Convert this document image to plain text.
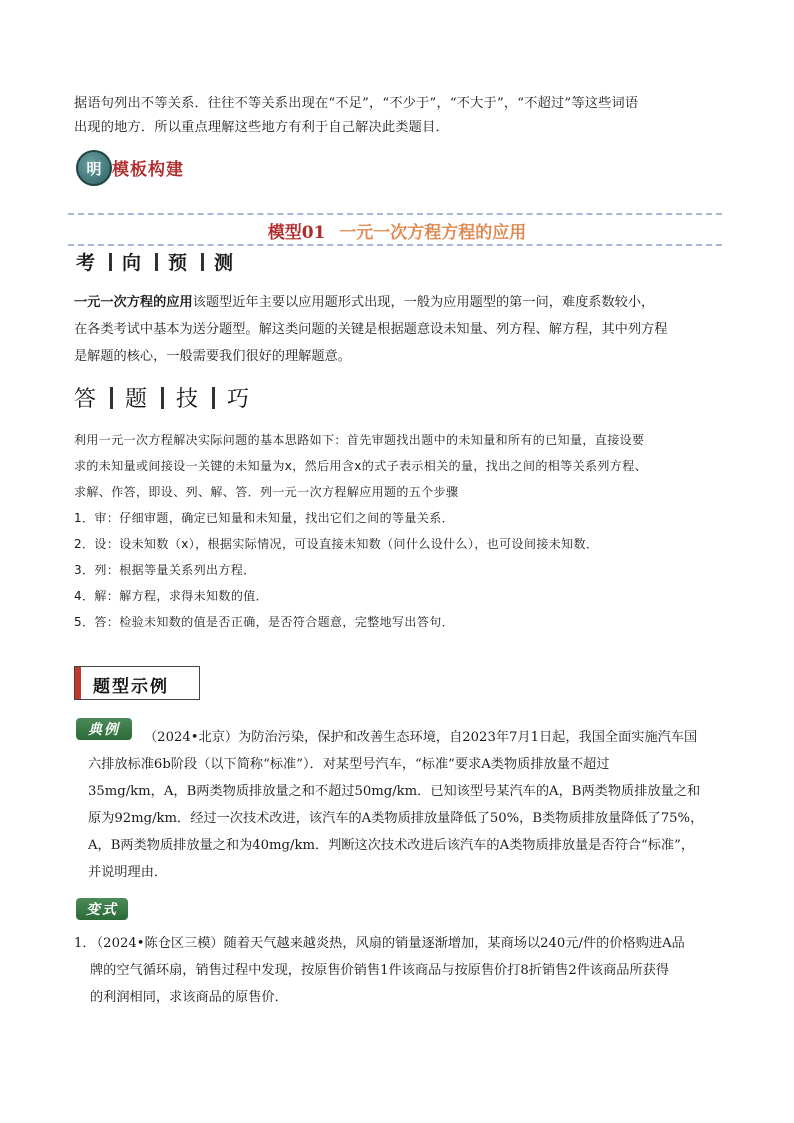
据语句列出不等关系．往往不等关系出现在“不足”，“不少于”，“不大于”，“不超过”等这些词语

出现的地方．所以重点理解这些地方有利于自己解决此类题目．

明 模板构建
模型01 一元一次方程方程的应用
考 向 预 测

一元一次方程的应用该题型近年主要以应用题形式出现，一般为应用题型的第一问，难度系数较小，

在各类考试中基本为送分题型。解这类问题的关键是根据题意设未知量、列方程、解方程，其中列方程

是解题的核心，一般需要我们很好的理解题意。

答 题 技 巧

利用一元一次方程解决实际问题的基本思路如下：首先审题找出题中的未知量和所有的已知量，直接设要

求的未知量或间接设一关键的未知量为x，然后用含x的式子表示相关的量，找出之间的相等关系列方程、

求解、作答，即设、列、解、答．列一元一次方程解应用题的五个步骤

1．审：仔细审题，确定已知量和未知量，找出它们之间的等量关系．

2．设：设未知数（x），根据实际情况，可设直接未知数（问什么设什么），也可设间接未知数．

3．列：根据等量关系列出方程．

4．解：解方程，求得未知数的值．

5．答：检验未知数的值是否正确，是否符合题意，完整地写出答句．

题型示例
典例	（2024•北京）为防治污染，保护和改善生态环境，自2023年7月1日起，我国全面实施汽车国

六排放标准6b阶段（以下简称“标准”）．对某型号汽车，“标准”要求A类物质排放量不超过

35mg/km，A，B两类物质排放量之和不超过50mg/km．已知该型号某汽车的A，B两类物质排放量之和

原为92mg/km．经过一次技术改进，该汽车的A类物质排放量降低了50%，B类物质排放量降低了75%，

A，B两类物质排放量之和为40mg/km．判断这次技术改进后该汽车的A类物质排放量是否符合“标准”，

并说明理由．

变式
1．

（2024•陈仓区三模）随着天气越来越炎热，风扇的销量逐渐增加，某商场以240元/件的价格购进A品

牌的空气循环扇，销售过程中发现，按原售价销售1件该商品与按原售价打8折销售2件该商品所获得

的利润相同，求该商品的原售价．
